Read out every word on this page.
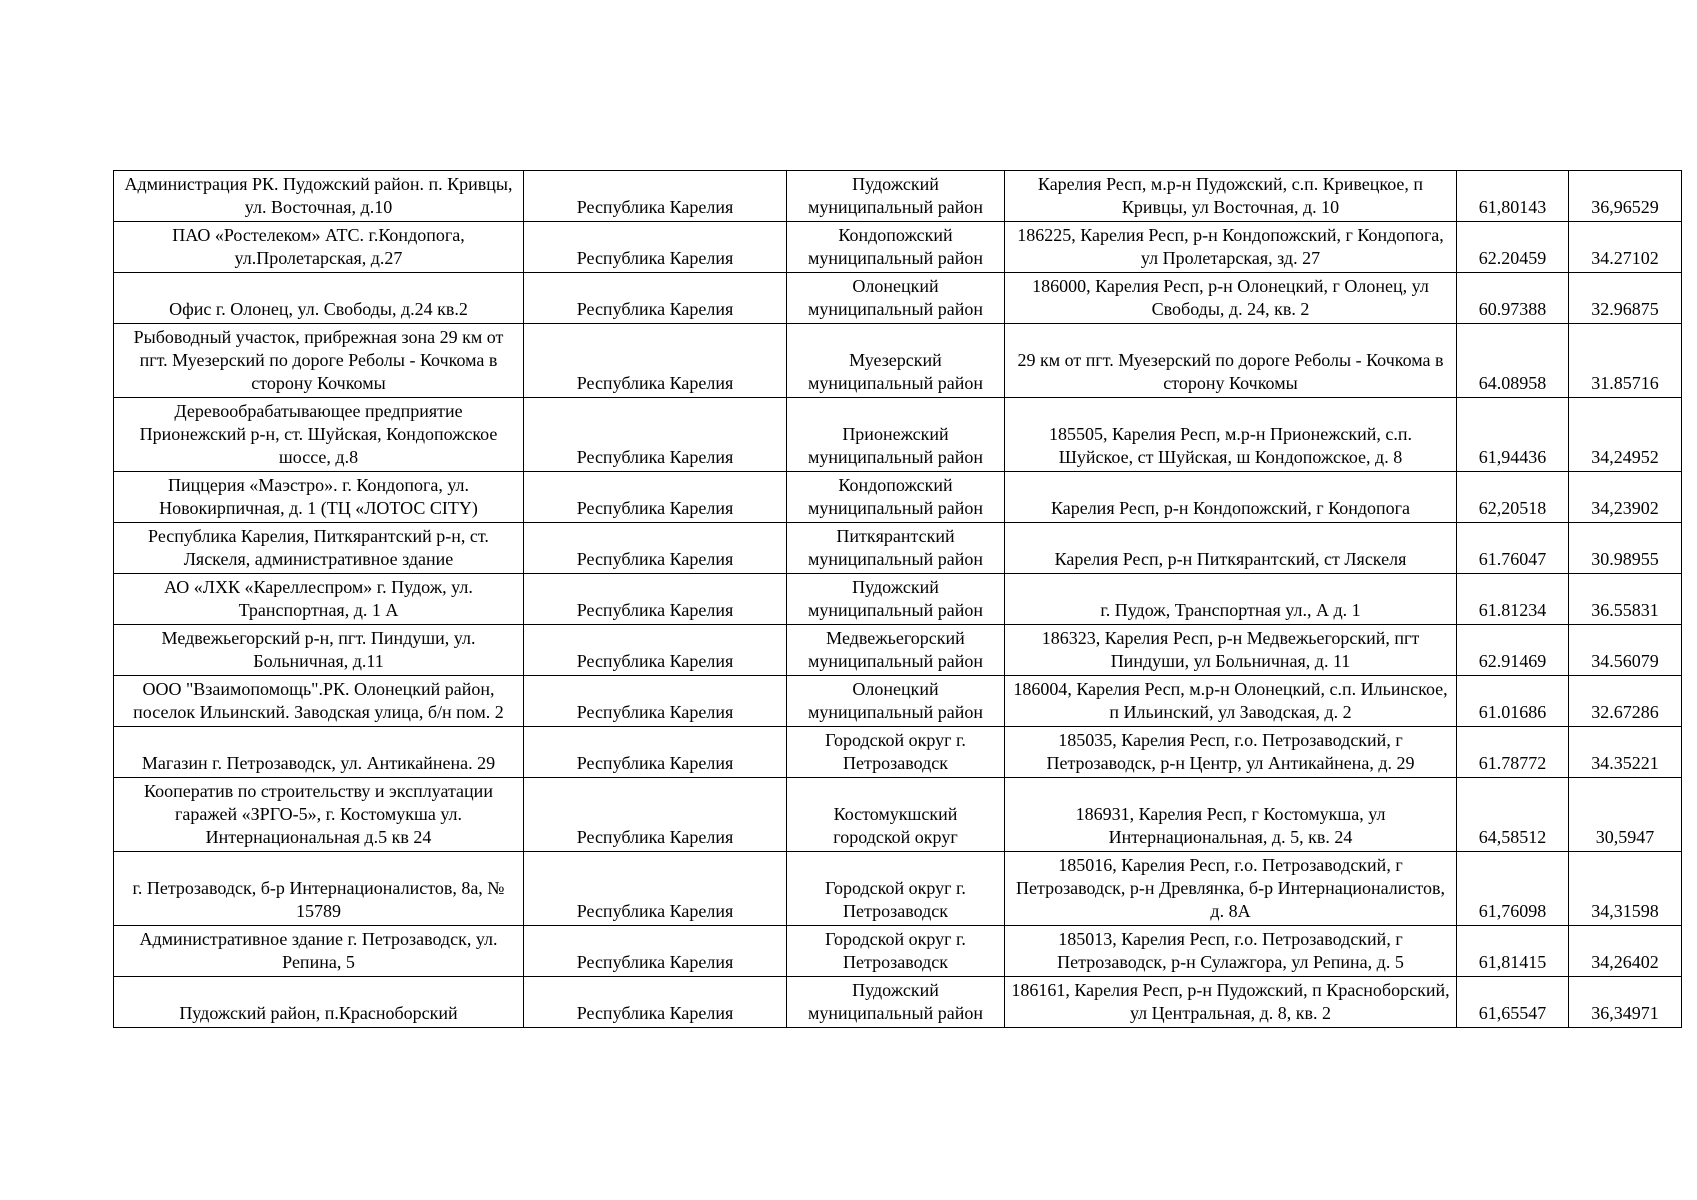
Администрация РК. Пудожский район. п. Кривцы, ул. Восточная, д.10	Республика Карелия	Пудожский муниципальный район	Карелия Респ, м.р-н Пудожский, с.п. Кривецкое, п Кривцы, ул Восточная, д. 10	61,80143	36,96529
ПАО «Ростелеком» АТС. г.Кондопога, ул.Пролетарская, д.27	Республика Карелия	Кондопожский муниципальный район	186225, Карелия Респ, р-н Кондопожский, г Кондопога, ул Пролетарская, зд. 27	62.20459	34.27102
Офис г. Олонец, ул. Свободы, д.24 кв.2	Республика Карелия	Олонецкий муниципальный район	186000, Карелия Респ, р-н Олонецкий, г Олонец, ул Свободы, д. 24, кв. 2	60.97388	32.96875
Рыбоводный участок, прибрежная зона 29 км от пгт. Муезерский по дороге Реболы - Кочкома в сторону Кочкомы	Республика Карелия	Муезерский муниципальный район	29 км от пгт. Муезерский по дороге Реболы - Кочкома в сторону Кочкомы	64.08958	31.85716
Деревообрабатывающее предприятие Прионежский р-н, ст. Шуйская, Кондопожское шоссе, д.8	Республика Карелия	Прионежский муниципальный район	185505, Карелия Респ, м.р-н Прионежский, с.п. Шуйское, ст Шуйская, ш Кондопожское, д. 8	61,94436	34,24952
Пиццерия «Маэстро». г. Кондопога, ул. Новокирпичная, д. 1 (ТЦ «ЛОТОС CITY)	Республика Карелия	Кондопожский муниципальный район	Карелия Респ, р-н Кондопожский, г Кондопога	62,20518	34,23902
Республика Карелия, Питкярантский р-н, ст. Ляскеля, административное здание	Республика Карелия	Питкярантский муниципальный район	Карелия Респ, р-н Питкярантский, ст Ляскеля	61.76047	30.98955
АО «ЛХК «Кареллеспром» г. Пудож, ул. Транспортная, д. 1 А	Республика Карелия	Пудожский муниципальный район	г. Пудож, Транспортная ул., А д. 1	61.81234	36.55831
Медвежьегорский р-н, пгт. Пиндуши, ул. Больничная, д.11	Республика Карелия	Медвежьегорский муниципальный район	186323, Карелия Респ, р-н Медвежьегорский, пгт Пиндуши, ул Больничная, д. 11	62.91469	34.56079
ООО "Взаимопомощь".РК. Олонецкий район, поселок Ильинский. Заводская улица, б/н пом. 2	Республика Карелия	Олонецкий муниципальный район	186004, Карелия Респ, м.р-н Олонецкий, с.п. Ильинское, п Ильинский, ул Заводская, д. 2	61.01686	32.67286
Магазин г. Петрозаводск, ул. Антикайнена. 29	Республика Карелия	Городской округ г. Петрозаводск	185035, Карелия Респ, г.о. Петрозаводский, г Петрозаводск, р-н Центр, ул Антикайнена, д. 29	61.78772	34.35221
Кооператив по строительству и эксплуатации гаражей «ЗРГО-5», г. Костомукша ул. Интернациональная д.5 кв 24	Республика Карелия	Костомукшский городской округ	186931, Карелия Респ, г Костомукша, ул Интернациональная, д. 5, кв. 24	64,58512	30,5947
г. Петрозаводск, б-р Интернационалистов, 8а, № 15789	Республика Карелия	Городской округ г. Петрозаводск	185016, Карелия Респ, г.о. Петрозаводский, г Петрозаводск, р-н Древлянка, б-р Интернационалистов, д. 8А	61,76098	34,31598
Административное здание г. Петрозаводск, ул. Репина, 5	Республика Карелия	Городской округ г. Петрозаводск	185013, Карелия Респ, г.о. Петрозаводский, г Петрозаводск, р-н Сулажгора, ул Репина, д. 5	61,81415	34,26402
Пудожский район, п.Красноборский	Республика Карелия	Пудожский муниципальный район	186161, Карелия Респ, р-н Пудожский, п Красноборский, ул Центральная, д. 8, кв. 2	61,65547	36,34971
